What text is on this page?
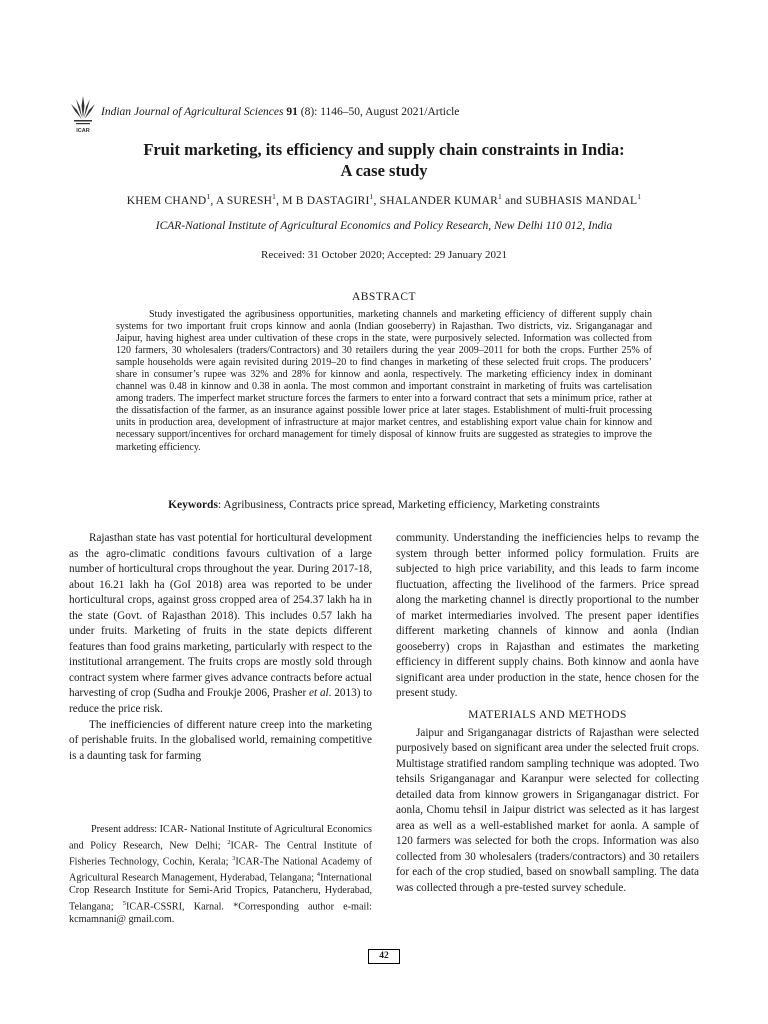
ICAR
Indian Journal of Agricultural Sciences 91 (8): 1146–50, August 2021/Article
Fruit marketing, its efficiency and supply chain constraints in India:
A case study
KHEM CHAND$^1$, A SURESH$^1$, M B DASTAGIRI$^1$, SHALANDER KUMAR$^1$ and SUBHASIS MANDAL$^1$
ICAR-National Institute of Agricultural Economics and Policy Research, New Delhi 110 012, India
Received: 31 October 2020; Accepted: 29 January 2021
ABSTRACT

Study investigated the agribusiness opportunities, marketing channels and marketing efficiency of different supply chain systems for two important fruit crops kinnow and aonla (Indian gooseberry) in Rajasthan. Two districts, viz. Sriganganagar and Jaipur, having highest area under cultivation of these crops in the state, were purposively selected. Information was collected from 120 farmers, 30 wholesalers (traders/Contractors) and 30 retailers during the year 2009–2011 for both the crops. Further 25% of sample households were again revisited during 2019–20 to find changes in marketing of these selected fruit crops. The producers’ share in consumer’s rupee was 32% and 28% for kinnow and aonla, respectively. The marketing efficiency index in dominant channel was 0.48 in kinnow and 0.38 in aonla. The most common and important constraint in marketing of fruits was cartelisation among traders. The imperfect market structure forces the farmers to enter into a forward contract that sets a minimum price, rather at the dissatisfaction of the farmer, as an insurance against possible lower price at later stages. Establishment of multi-fruit processing units in production area, development of infrastructure at major market centres, and establishing export value chain for kinnow and necessary support/incentives for orchard management for timely disposal of kinnow fruits are suggested as strategies to improve the marketing efficiency.

Keywords: Agribusiness, Contracts price spread, Marketing efficiency, Marketing constraints

Rajasthan state has vast potential for horticultural development as the agro-climatic conditions favours cultivation of a large number of horticultural crops throughout the year. During 2017-18, about 16.21 lakh ha (GoI 2018) area was reported to be under horticultural crops, against gross cropped area of 254.37 lakh ha in the state (Govt. of Rajasthan 2018). This includes 0.57 lakh ha under fruits. Marketing of fruits in the state depicts different features than food grains marketing, particularly with respect to the institutional arrangement. The fruits crops are mostly sold through contract system where farmer gives advance contracts before actual harvesting of crop (Sudha and Froukje 2006, Prasher et al. 2013) to reduce the price risk.

The inefficiencies of different nature creep into the marketing of perishable fruits. In the globalised world, remaining competitive is a daunting task for farming

community. Understanding the inefficiencies helps to revamp the system through better informed policy formulation. Fruits are subjected to high price variability, and this leads to farm income fluctuation, affecting the livelihood of the farmers. Price spread along the marketing channel is directly proportional to the number of market intermediaries involved. The present paper identifies different marketing channels of kinnow and aonla (Indian gooseberry) crops in Rajasthan and estimates the marketing efficiency in different supply chains. Both kinnow and aonla have significant area under production in the state, hence chosen for the present study.

MATERIALS AND METHODS

Jaipur and Sriganganagar districts of Rajasthan were selected purposively based on significant area under the selected fruit crops. Multistage stratified random sampling technique was adopted. Two tehsils Sriganganagar and Karanpur were selected for collecting detailed data from kinnow growers in Sriganganagar district. For aonla, Chomu tehsil in Jaipur district was selected as it has largest area as well as a well-established market for aonla. A sample of 120 farmers was selected for both the crops. Information was also collected from 30 wholesalers (traders/contractors) and 30 retailers for each of the crop studied, based on snowball sampling. The data was collected through a pre-tested survey schedule.

Present address: ICAR- National Institute of Agricultural Economics and Policy Research, New Delhi; $^2$ICAR- The Central Institute of Fisheries Technology, Cochin, Kerala; $^3$ICAR-The National Academy of Agricultural Research Management, Hyderabad, Telangana; $^4$International Crop Research Institute for Semi-Arid Tropics, Patancheru, Hyderabad, Telangana; $^5$ICAR-CSSRI, Karnal. *Corresponding author e-mail: kcmamnani@ gmail.com.

42
